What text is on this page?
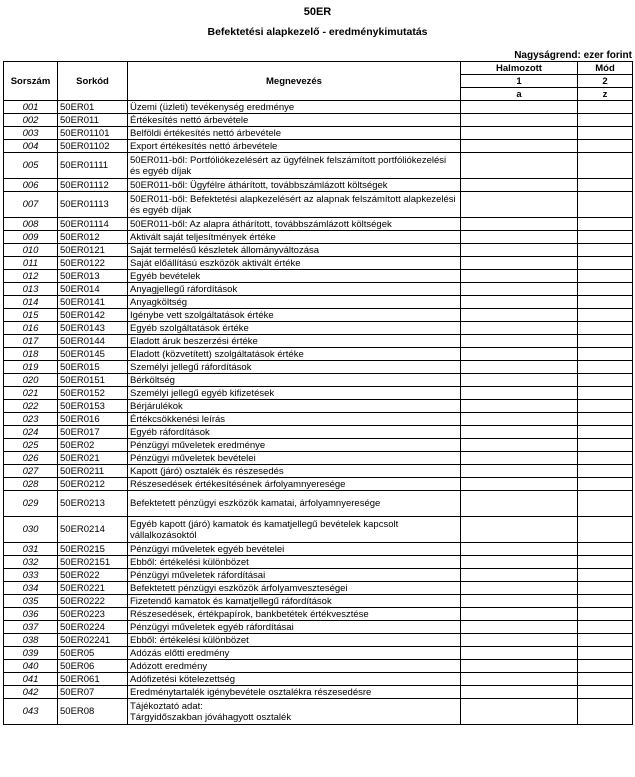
50ER
Befektetési alapkezelő - eredménykimutatás
Nagyságrend: ezer forint
Sorszám	Sorkód	Megnevezés	Halmozott	Mód
			1	2
			a	z
001	50ER01	Üzemi (üzleti) tevékenység eredménye		
002	50ER011	Értékesítés nettó árbevétele		
003	50ER01101	Belföldi értékesítés nettó árbevétele		
004	50ER01102	Export értékesítés nettó árbevétele		
005	50ER01111	50ER011-ből: Portfóliókezelésért az ügyfélnek felszámított portfóliókezelési és egyéb díjak		
006	50ER01112	50ER011-ből: Ügyfélre áthárított, továbbszámlázott költségek		
007	50ER01113	50ER011-ből: Befektetési alapkezelésért az alapnak felszámított alapkezelési és egyéb díjak		
008	50ER01114	50ER011-ből: Az alapra áthárított, továbbszámlázott költségek		
009	50ER012	Aktivált saját teljesítmények értéke		
010	50ER0121	Saját termelésű készletek állományváltozása		
011	50ER0122	Saját előállítású eszközök aktivált értéke		
012	50ER013	Egyéb bevételek		
013	50ER014	Anyagjellegű ráfordítások		
014	50ER0141	Anyagköltség		
015	50ER0142	Igénybe vett szolgáltatások értéke		
016	50ER0143	Egyéb szolgáltatások értéke		
017	50ER0144	Eladott áruk beszerzési értéke		
018	50ER0145	Eladott (közvetített) szolgáltatások értéke		
019	50ER015	Személyi jellegű ráfordítások		
020	50ER0151	Bérköltség		
021	50ER0152	Személyi jellegű egyéb kifizetések		
022	50ER0153	Bérjárulékok		
023	50ER016	Értékcsökkenési leírás		
024	50ER017	Egyéb ráfordítások		
025	50ER02	Pénzügyi műveletek eredménye		
026	50ER021	Pénzügyi műveletek bevételei		
027	50ER0211	Kapott (járó) osztalék és részesedés		
028	50ER0212	Részesedések értékesítésének árfolyamnyeresége		
029	50ER0213	Befektetett pénzügyi eszközök kamatai, árfolyamnyeresége		
030	50ER0214	Egyéb kapott (járó) kamatok és kamatjellegű bevételek kapcsolt vállalkozásoktól		
031	50ER0215	Pénzügyi műveletek egyéb bevételei		
032	50ER02151	Ebből: értékelési különbözet		
033	50ER022	Pénzügyi műveletek ráfordításai		
034	50ER0221	Befektetett pénzügyi eszközök árfolyamveszteségei		
035	50ER0222	Fizetendő kamatok és kamatjellegű ráfordítások		
036	50ER0223	Részesedések, értékpapírok, bankbetétek értékvesztése		
037	50ER0224	Pénzügyi műveletek egyéb ráfordításai		
038	50ER02241	Ebből: értékelési különbözet		
039	50ER05	Adózás előtti eredmény		
040	50ER06	Adózott eredmény		
041	50ER061	Adófizetési kötelezettség		
042	50ER07	Eredménytartalék igénybevétele osztalékra részesedésre		
043	50ER08	Tájékoztató adat:
Tárgyidőszakban jóváhagyott osztalék		
